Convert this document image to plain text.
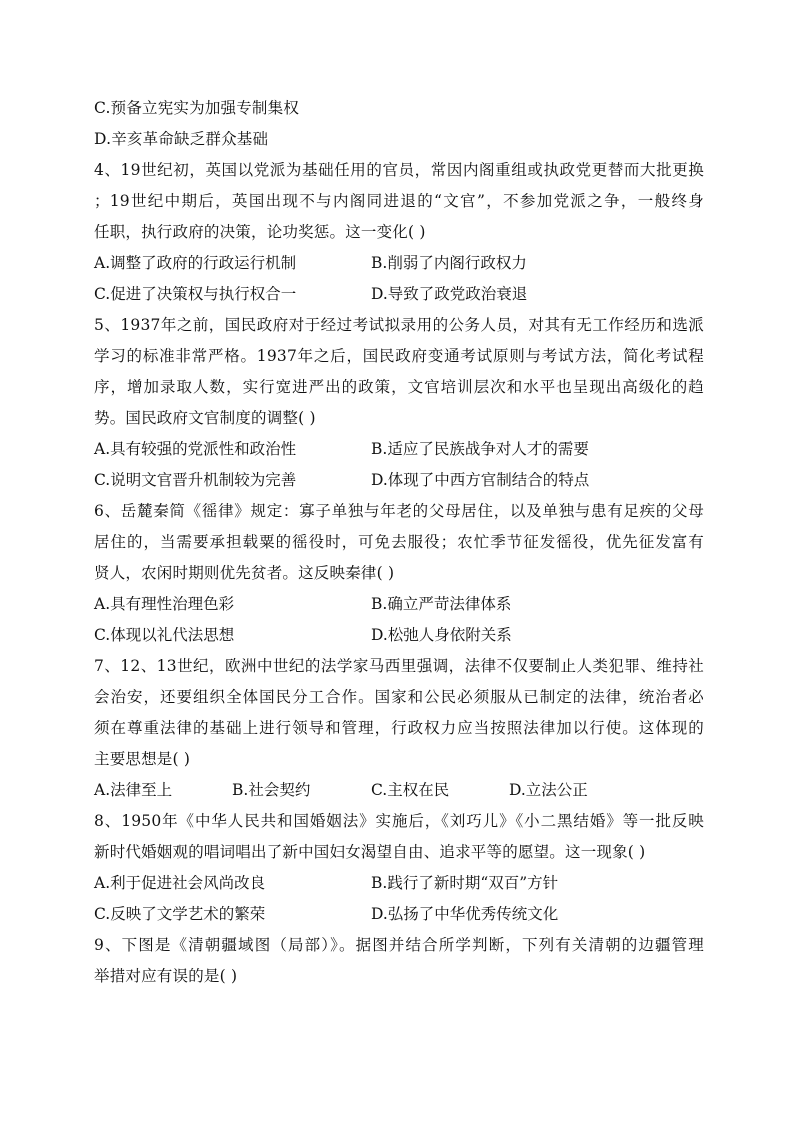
C.预备立宪实为加强专制集权
D.辛亥革命缺乏群众基础
4、19世纪初，英国以党派为基础任用的官员，常因内阁重组或执政党更替而大批更换
；19世纪中期后，英国出现不与内阁同进退的“文官”，不参加党派之争，一般终身
任职，执行政府的决策，论功奖惩。这一变化( )
A.调整了政府的行政运行机制	B.削弱了内阁行政权力
C.促进了决策权与执行权合一	D.导致了政党政治衰退
5、1937年之前，国民政府对于经过考试拟录用的公务人员，对其有无工作经历和选派
学习的标准非常严格。1937年之后，国民政府变通考试原则与考试方法，简化考试程
序，增加录取人数，实行宽进严出的政策，文官培训层次和水平也呈现出高级化的趋
势。国民政府文官制度的调整( )
A.具有较强的党派性和政治性	B.适应了民族战争对人才的需要
C.说明文官晋升机制较为完善	D.体现了中西方官制结合的特点
6、岳麓秦简《徭律》规定：寡子单独与年老的父母居住，以及单独与患有足疾的父母
居住的，当需要承担载粟的徭役时，可免去服役；农忙季节征发徭役，优先征发富有
贤人，农闲时期则优先贫者。这反映秦律( )
A.具有理性治理色彩	B.确立严苛法律体系
C.体现以礼代法思想	D.松弛人身依附关系
7、12、13世纪，欧洲中世纪的法学家马西里强调，法律不仅要制止人类犯罪、维持社
会治安，还要组织全体国民分工合作。国家和公民必须服从已制定的法律，统治者必
须在尊重法律的基础上进行领导和管理，行政权力应当按照法律加以行使。这体现的
主要思想是( )
A.法律至上	B.社会契约	C.主权在民	D.立法公正
8、1950年《中华人民共和国婚姻法》实施后，《刘巧儿》《小二黑结婚》等一批反映
新时代婚姻观的唱词唱出了新中国妇女渴望自由、追求平等的愿望。这一现象( )
A.利于促进社会风尚改良	B.践行了新时期“双百”方针
C.反映了文学艺术的繁荣	D.弘扬了中华优秀传统文化
9、下图是《清朝疆域图（局部）》。据图并结合所学判断，下列有关清朝的边疆管理
举措对应有误的是( )
